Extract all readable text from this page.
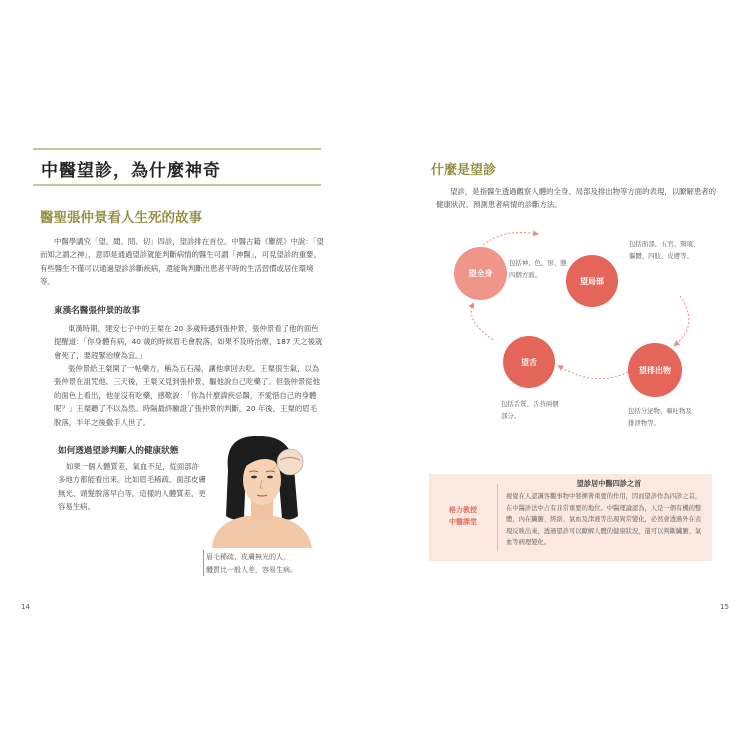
中醫望診，為什麼神奇
醫聖張仲景看人生死的故事
中醫學講究「望、聞、問、切」四診，望診排在首位。中醫古籍《難經》中說：「望而知之謂之神」，意即是通過望診就能判斷病情的醫生可謂「神醫」，可見望診的重要。有些醫生不僅可以通過望診診斷疾病，還能夠判斷出患者平時的生活習慣或居住環境等。
東漢名醫張仲景的故事
東漢時期，建安七子中的王粲在 20 多歲時遇到張仲景，張仲景看了他的面色提醒道：「你身體有病，40 歲的時候眉毛會脫落，如果不及時治療，187 天之後就會死了，要趕緊治療為宜。」
張仲景給王粲開了一帖藥方，稱為五石湯，讓他拿回去吃。王粲很生氣，以為張仲景在詛咒他。三天後，王粲又見到張仲景，驅他說自己吃藥了。但張仲景從他的面色上看出，他並沒有吃藥，感歎說：「你為什麼諱疾忌醫，不愛惜自己的身體呢？」王粲聽了不以為然。時隔最終驗證了張仲景的判斷，20 年後，王粲的眉毛脫落，半年之後撒手人世了。
如何透過望診判斷人的健康狀態
如果一個人體質差、氣血不足，從面部許多地方都能看出來。比如眉毛稀疏、面部皮膚無光、頭髮脫落早白等。這樣的人體質差，更容易生病。
眉毛稀疏、皮膚無光的人，
體質比一般人差，容易生病。
14
什麼是望診
望診，是指醫生透過觀察人體的全身、局部及排出物等方面的表現，以瞭解患者的健康狀況、預測患者病情的診斷方法。
望全身
望局部
望排出物
望舌
包括神、色、形、態四個方面。
包括面部、五官、頸項、軀體、四肢、皮膚等。
包括分泌物、嘔吐物及排泄物等。
包括舌質、舌苔兩個部分。
格力教授
中醫課堂
望診居中醫四診之首
視覺在人認識客觀事物中發揮著重要的作用，因而望診作為四診之首，在中醫診法中占有非常重要的地位。中醫理論認為，人是一個有機的整體，內在臟腑、經絡、氣血及津液等出現異常變化，必然會透過外在表現反映出來，透過望診可以瞭解人體的健康狀況，還可以判斷臟腑、氣血等病理變化。
15
